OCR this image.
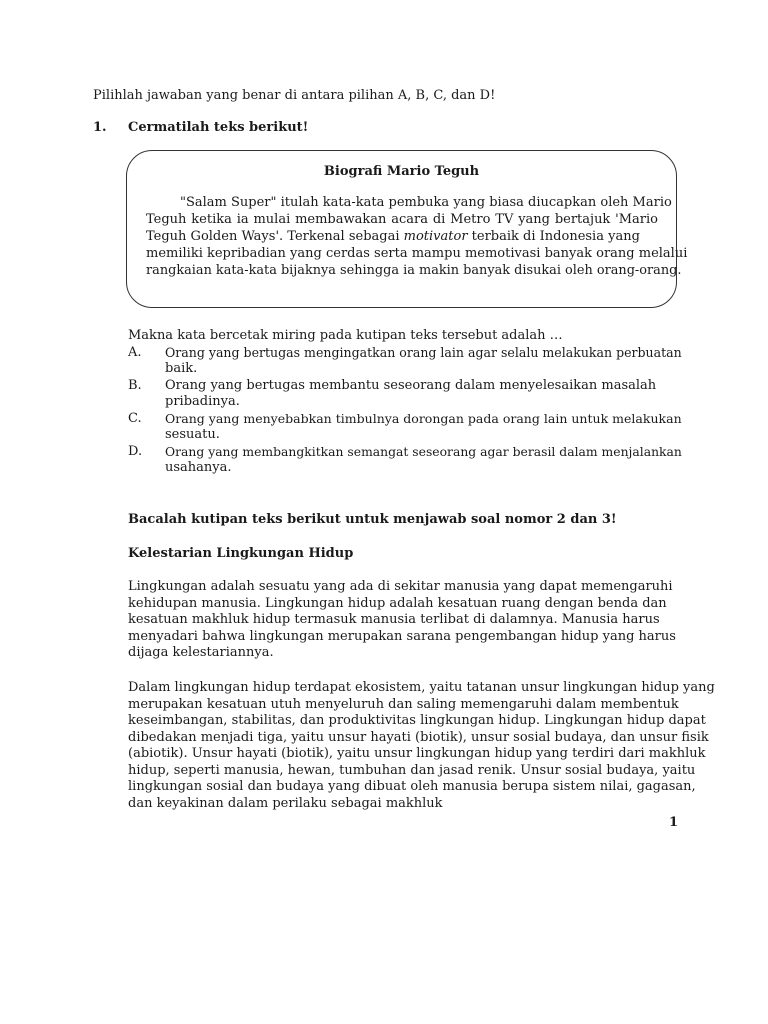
Pilihlah jawaban yang benar di antara pilihan A, B, C, dan D!
1. Cermatilah teks berikut!
Biografi Mario Teguh
"Salam Super" itulah kata-kata pembuka yang biasa diucapkan oleh Mario
Teguh ketika ia mulai membawakan acara di Metro TV yang bertajuk 'Mario
Teguh Golden Ways'. Terkenal sebagai motivator terbaik di Indonesia yang
memiliki kepribadian yang cerdas serta mampu memotivasi banyak orang melalui
rangkaian kata-kata bijaknya sehingga ia makin banyak disukai oleh orang-orang.
Makna kata bercetak miring pada kutipan teks tersebut adalah …
A. Orang yang bertugas mengingatkan orang lain agar selalu melakukan perbuatan
baik.
B. Orang yang bertugas membantu seseorang dalam menyelesaikan masalah
pribadinya.
C. Orang yang menyebabkan timbulnya dorongan pada orang lain untuk melakukan
sesuatu.
D. Orang yang membangkitkan semangat seseorang agar berasil dalam menjalankan
usahanya.
Bacalah kutipan teks berikut untuk menjawab soal nomor 2 dan 3!
Kelestarian Lingkungan Hidup
Lingkungan adalah sesuatu yang ada di sekitar manusia yang dapat memengaruhi
kehidupan manusia. Lingkungan hidup adalah kesatuan ruang dengan benda dan
kesatuan makhluk hidup termasuk manusia terlibat di dalamnya. Manusia harus
menyadari bahwa lingkungan merupakan sarana pengembangan hidup yang harus
dijaga kelestariannya.
Dalam lingkungan hidup terdapat ekosistem, yaitu tatanan unsur lingkungan hidup yang
merupakan kesatuan utuh menyeluruh dan saling memengaruhi dalam membentuk
keseimbangan, stabilitas, dan produktivitas lingkungan hidup. Lingkungan hidup dapat
dibedakan menjadi tiga, yaitu unsur hayati (biotik), unsur sosial budaya, dan unsur fisik
(abiotik). Unsur hayati (biotik), yaitu unsur lingkungan hidup yang terdiri dari makhluk
hidup, seperti manusia, hewan, tumbuhan dan jasad renik. Unsur sosial budaya, yaitu
lingkungan sosial dan budaya yang dibuat oleh manusia berupa sistem nilai, gagasan,
dan keyakinan dalam perilaku sebagai makhluk
1
